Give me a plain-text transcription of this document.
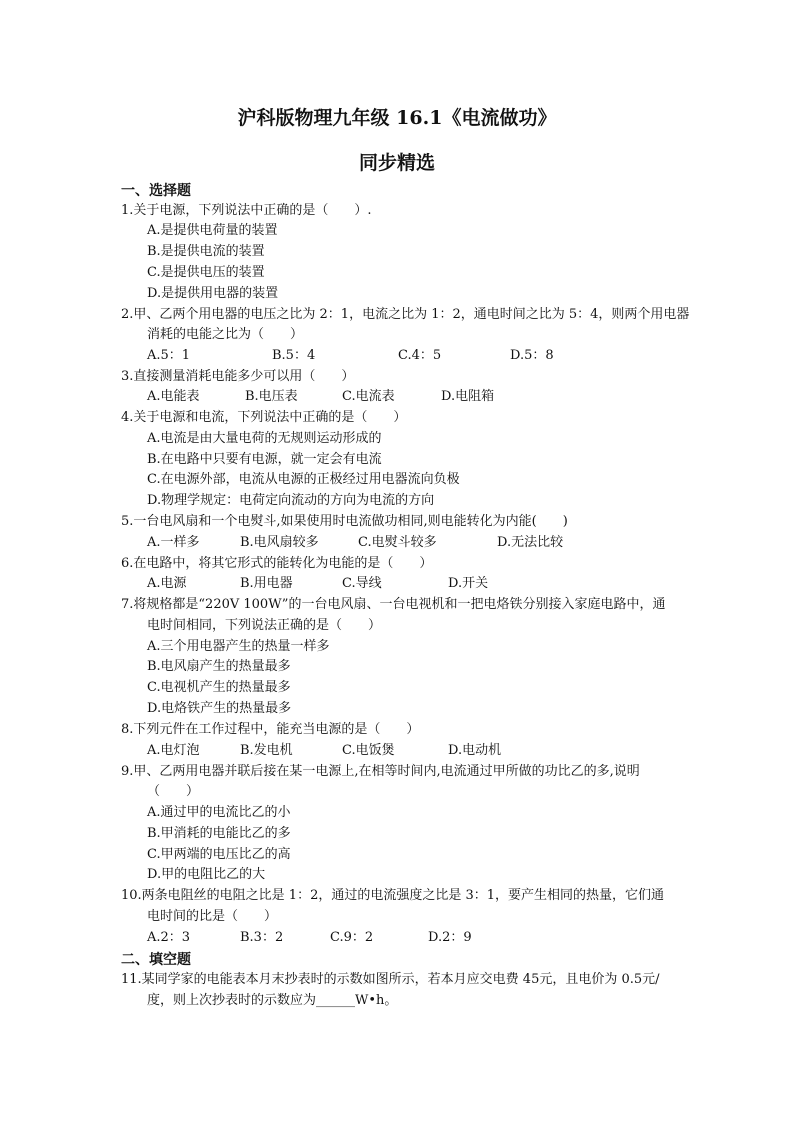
沪科版物理九年级 16.1《电流做功》
同步精选

一、选择题

1.关于电源，下列说法中正确的是（　　）.

A.是提供电荷量的装置

B.是提供电流的装置

C.是提供电压的装置

D.是提供用电器的装置

2.甲、乙两个用电器的电压之比为 2：1，电流之比为 1：2，通电时间之比为 5：4，则两个用电器

消耗的电能之比为（　　）

A.5：1	B.5：4	C.4：5	D.5：8

3.直接测量消耗电能多少可以用（　　）

A.电能表	B.电压表	C.电流表	D.电阻箱

4.关于电源和电流，下列说法中正确的是（　　）

A.电流是由大量电荷的无规则运动形成的

B.在电路中只要有电源，就一定会有电流

C.在电源外部，电流从电源的正极经过用电器流向负极

D.物理学规定：电荷定向流动的方向为电流的方向

5.一台电风扇和一个电熨斗,如果使用时电流做功相同,则电能转化为内能(　　)

A.一样多	B.电风扇较多	C.电熨斗较多	D.无法比较

6.在电路中，将其它形式的能转化为电能的是（　　）

A.电源	B.用电器	C.导线	D.开关

7.将规格都是“220V 100W”的一台电风扇、一台电视机和一把电烙铁分别接入家庭电路中，通

电时间相同，下列说法正确的是（　　）

A.三个用电器产生的热量一样多

B.电风扇产生的热量最多

C.电视机产生的热量最多

D.电烙铁产生的热量最多

8.下列元件在工作过程中，能充当电源的是（　　）

A.电灯泡	B.发电机	C.电饭煲	D.电动机

9.甲、乙两用电器并联后接在某一电源上,在相等时间内,电流通过甲所做的功比乙的多,说明

（　　）

A.通过甲的电流比乙的小

B.甲消耗的电能比乙的多

C.甲两端的电压比乙的高

D.甲的电阻比乙的大

10.两条电阻丝的电阻之比是 1：2，通过的电流强度之比是 3：1，要产生相同的热量，它们通

电时间的比是（　　）

A.2：3	B.3：2	C.9：2	D.2：9

二、填空题

11.某同学家的电能表本月末抄表时的示数如图所示，若本月应交电费 45元，且电价为 0.5元/

度，则上次抄表时的示数应为______W•h。
